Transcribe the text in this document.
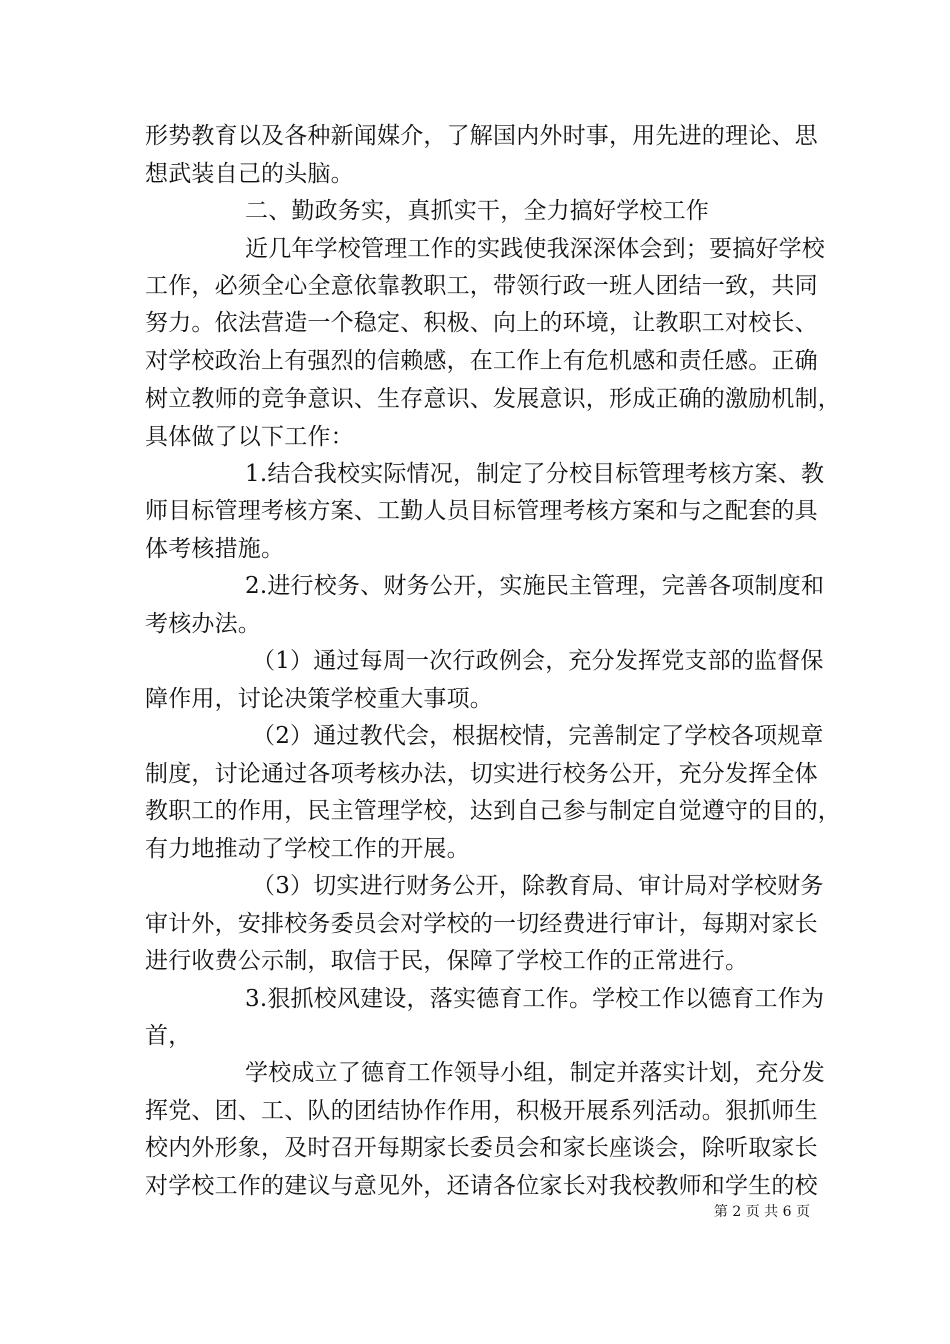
形势教育以及各种新闻媒介，了解国内外时事，用先进的理论、思
想武装自己的头脑。
二、勤政务实，真抓实干，全力搞好学校工作
近几年学校管理工作的实践使我深深体会到；要搞好学校
工作，必须全心全意依靠教职工，带领行政一班人团结一致，共同
努力。依法营造一个稳定、积极、向上的环境，让教职工对校长、
对学校政治上有强烈的信赖感，在工作上有危机感和责任感。正确
树立教师的竞争意识、生存意识、发展意识，形成正确的激励机制，
具体做了以下工作：
1.结合我校实际情况，制定了分校目标管理考核方案、教
师目标管理考核方案、工勤人员目标管理考核方案和与之配套的具
体考核措施。
2.进行校务、财务公开，实施民主管理，完善各项制度和
考核办法。
（1）通过每周一次行政例会，充分发挥党支部的监督保
障作用，讨论决策学校重大事项。
（2）通过教代会，根据校情，完善制定了学校各项规章
制度，讨论通过各项考核办法，切实进行校务公开，充分发挥全体
教职工的作用，民主管理学校，达到自己参与制定自觉遵守的目的，
有力地推动了学校工作的开展。
（3）切实进行财务公开，除教育局、审计局对学校财务
审计外，安排校务委员会对学校的一切经费进行审计，每期对家长
进行收费公示制，取信于民，保障了学校工作的正常进行。
3.狠抓校风建设，落实德育工作。学校工作以德育工作为
首，
学校成立了德育工作领导小组，制定并落实计划，充分发
挥党、团、工、队的团结协作作用，积极开展系列活动。狠抓师生
校内外形象，及时召开每期家长委员会和家长座谈会，除听取家长
对学校工作的建议与意见外，还请各位家长对我校教师和学生的校
第 2 页 共 6 页
